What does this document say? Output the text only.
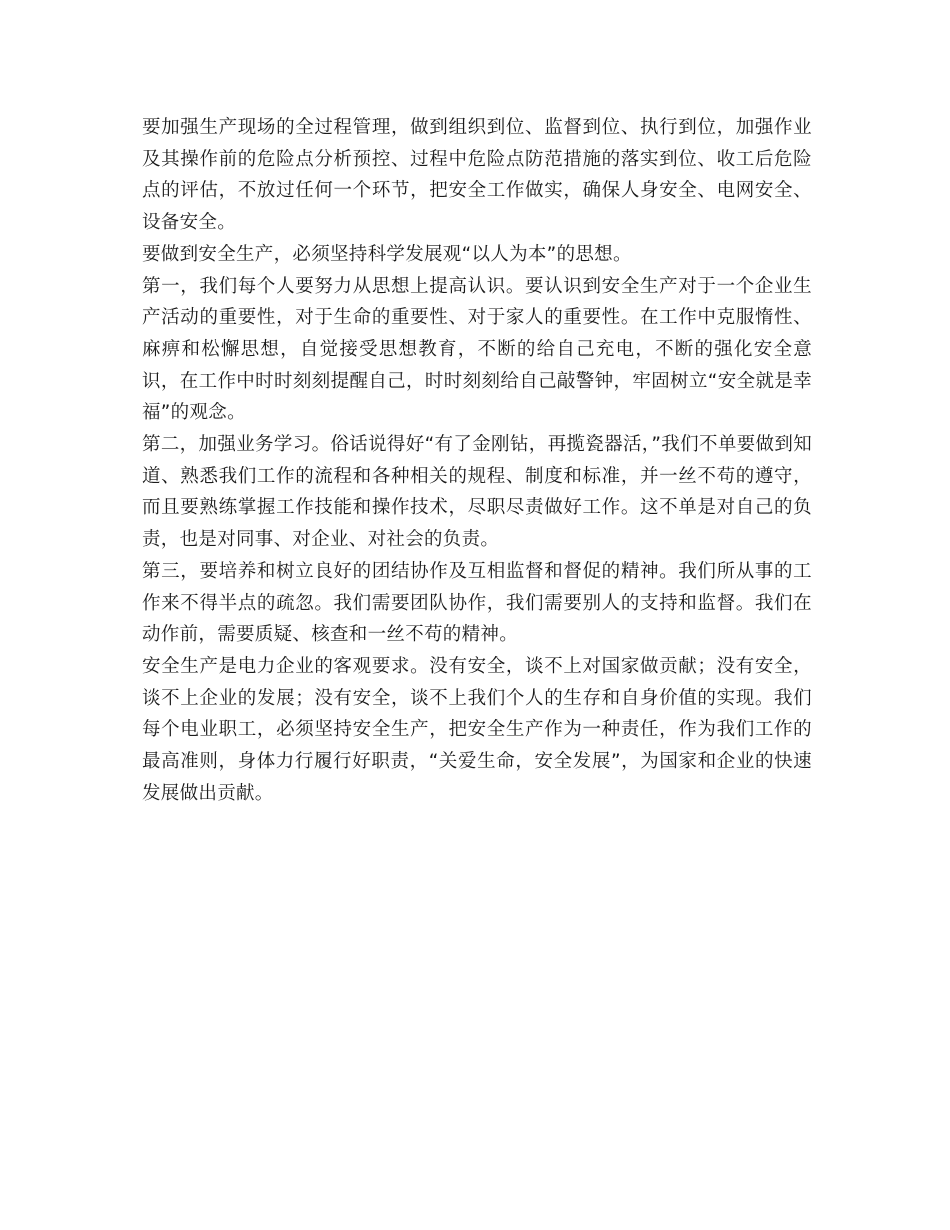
要加强生产现场的全过程管理，做到组织到位、监督到位、执行到位，加强作业及其操作前的危险点分析预控、过程中危险点防范措施的落实到位、收工后危险点的评估，不放过任何一个环节，把安全工作做实，确保人身安全、电网安全、设备安全。

要做到安全生产，必须坚持科学发展观“以人为本”的思想。

第一，我们每个人要努力从思想上提高认识。要认识到安全生产对于一个企业生产活动的重要性，对于生命的重要性、对于家人的重要性。在工作中克服惰性、麻痹和松懈思想，自觉接受思想教育，不断的给自己充电，不断的强化安全意识，在工作中时时刻刻提醒自己，时时刻刻给自己敲警钟，牢固树立“安全就是幸福”的观念。

第二，加强业务学习。俗话说得好“有了金刚钻，再揽瓷器活，”我们不单要做到知道、熟悉我们工作的流程和各种相关的规程、制度和标准，并一丝不苟的遵守，而且要熟练掌握工作技能和操作技术，尽职尽责做好工作。这不单是对自己的负责，也是对同事、对企业、对社会的负责。

第三，要培养和树立良好的团结协作及互相监督和督促的精神。我们所从事的工作来不得半点的疏忽。我们需要团队协作，我们需要别人的支持和监督。我们在动作前，需要质疑、核查和一丝不苟的精神。

安全生产是电力企业的客观要求。没有安全，谈不上对国家做贡献；没有安全，谈不上企业的发展；没有安全，谈不上我们个人的生存和自身价值的实现。我们每个电业职工，必须坚持安全生产，把安全生产作为一种责任，作为我们工作的最高准则，身体力行履行好职责，“关爱生命，安全发展”，为国家和企业的快速发展做出贡献。
